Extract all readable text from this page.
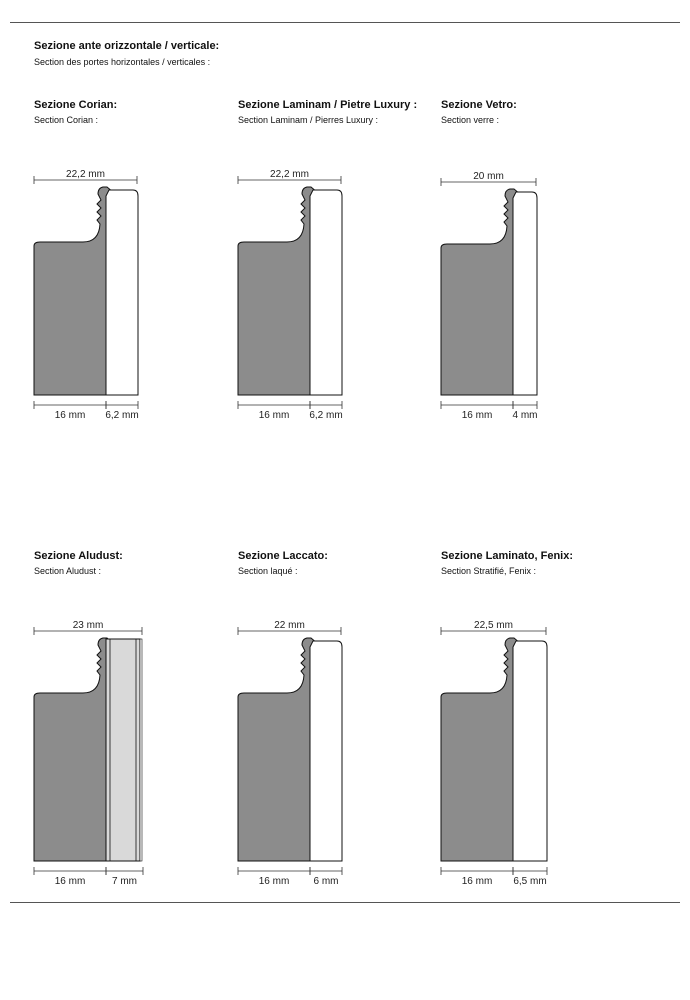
Sezione ante orizzontale / verticale:
Section des portes horizontales / verticales :
Sezione Corian:
Section Corian :
22,2 mm
16 mm 6,2 mm
Sezione Laminam / Pietre Luxury :
Section Laminam / Pierres Luxury :
22,2 mm
16 mm 6,2 mm
Sezione Vetro:
Section verre :
20 mm
16 mm 4 mm
Sezione Aludust:
Section Aludust :
23 mm
16 mm	7 mm
Sezione Laccato:
Section laqué :
22 mm
16 mm 6 mm
Sezione Laminato, Fenix:
Section Stratifié, Fenix :
22,5 mm
16 mm 6,5 mm
